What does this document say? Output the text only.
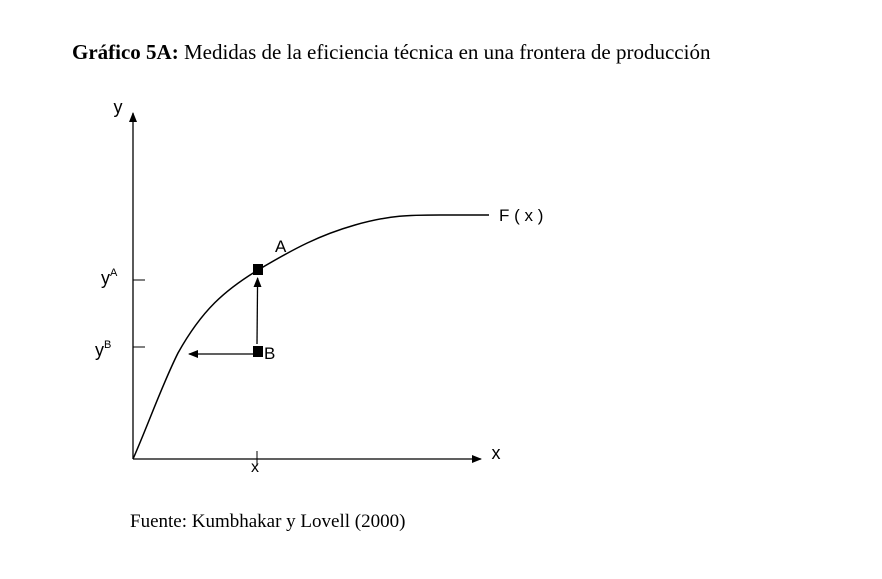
Gráfico 5A: Medidas de la eficiencia técnica en una frontera de producción
y
x
$y^A$
$y^B$
x
F ( x )
A
B
Fuente: Kumbhakar y Lovell (2000)
